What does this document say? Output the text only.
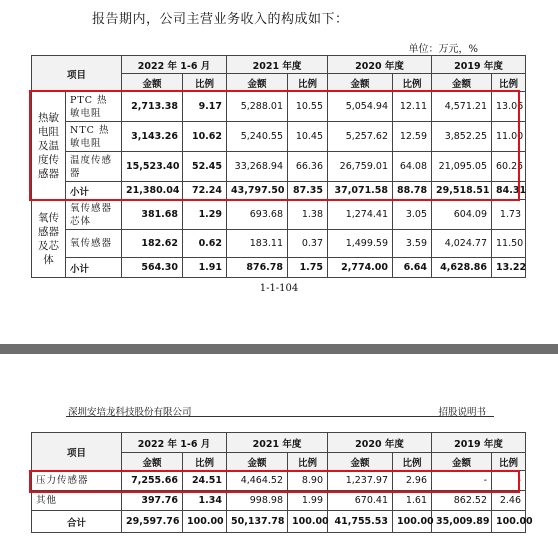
报告期内，公司主营业务收入的构成如下：
单位：万元，%
项目		2022 年 1-6 月		2021 年度		2020 年度		2019 年度	
		金额	比例	金额	比例	金额	比例	金额	比例
热敏电阻及温度传感器	PTC 热敏电阻	2,713.38	9.17	5,288.01	10.55	5,054.94	12.11	4,571.21	13.06
	NTC 热敏电阻	3,143.26	10.62	5,240.55	10.45	5,257.62	12.59	3,852.25	11.00
	温度传感器	15,523.40	52.45	33,268.94	66.36	26,759.01	64.08	21,095.05	60.25
	小计	21,380.04	72.24	43,797.50	87.35	37,071.58	88.78	29,518.51	84.31
氧传感器及芯体	氧传感器芯体	381.68	1.29	693.68	1.38	1,274.41	3.05	604.09	1.73
	氧传感器	182.62	0.62	183.11	0.37	1,499.59	3.59	4,024.77	11.50
	小计	564.30	1.91	876.78	1.75	2,774.00	6.64	4,628.86	13.22
1-1-104
深圳安培龙科技股份有限公司	招股说明书
项目	2022 年 1-6 月		2021 年度		2020 年度		2019 年度	
	金额	比例	金额	比例	金额	比例	金额	比例
压力传感器	7,255.66	24.51	4,464.52	8.90	1,237.97	2.96	-	-
其他	397.76	1.34	998.98	1.99	670.41	1.61	862.52	2.46
合计	29,597.76	100.00	50,137.78	100.00	41,755.53	100.00	35,009.89	100.00
